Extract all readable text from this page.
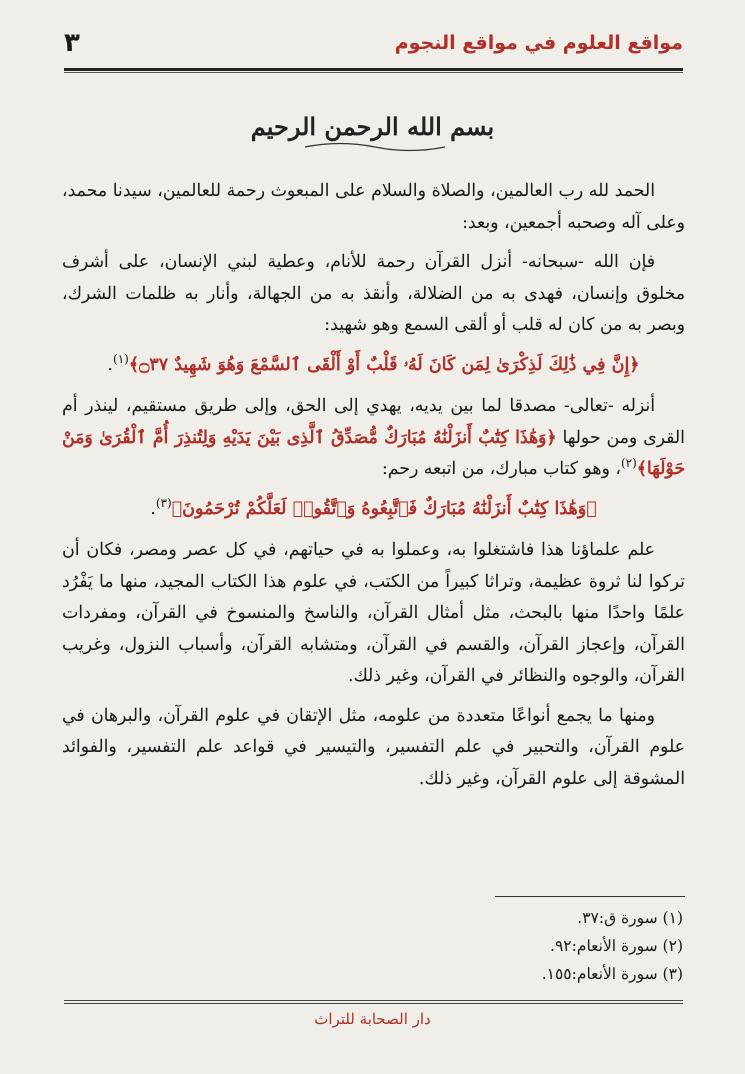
مواقع العلوم في مواقع النجوم
٣
بسم الله الرحمن الرحيم

الحمد لله رب العالمين، والصلاة والسلام على المبعوث رحمة للعالمين، سيدنا محمد، وعلى آله وصحبه أجمعين، وبعد:

فإن الله -سبحانه- أنزل القرآن رحمة للأنام، وعطية لبني الإنسان، على أشرف مخلوق وإنسان، فهدى به من الضلالة، وأنقذ به من الجهالة، وأنار به ظلمات الشرك، وبصر به من كان له قلب أو ألقى السمع وهو شهيد:

﴿إِنَّ فِي ذَٰلِكَ لَذِكْرَىٰ لِمَن كَانَ لَهُۥ قَلْبٌ أَوْ أَلْقَى ٱلسَّمْعَ وَهُوَ شَهِيدٌ ۝٣٧﴾$^{(١)}$.

أنزله -تعالى- مصدقا لما بين يديه، يهدي إلى الحق، وإلى طريق مستقيم، لينذر أم القرى ومن حولها ﴿وَهَٰذَا كِتَٰبٌ أَنزَلْنَٰهُ مُبَارَكٌ مُّصَدِّقُ ٱلَّذِى بَيْنَ يَدَيْهِ وَلِتُنذِرَ أُمَّ ٱلْقُرَىٰ وَمَنْ حَوْلَهَا﴾$^{(٢)}$، وهو كتاب مبارك، من اتبعه رحم:

﴿وَهَٰذَا كِتَٰبٌ أَنزَلْنَٰهُ مُبَارَكٌ فَٱتَّبِعُوهُ وَٱتَّقُوا۟ لَعَلَّكُمْ تُرْحَمُونَ﴾$^{(٣)}$.

علم علماؤنا هذا فاشتغلوا به، وعملوا به في حياتهم، في كل عصر ومصر، فكان أن تركوا لنا ثروة عظيمة، وتراثا كبيراً من الكتب، في علوم هذا الكتاب المجيد، منها ما يَفْرُد علمًا واحدًا منها بالبحث، مثل أمثال القرآن، والناسخ والمنسوخ في القرآن، ومفردات القرآن، وإعجاز القرآن، والقسم في القرآن، ومتشابه القرآن، وأسباب النزول، وغريب القرآن، والوجوه والنظائر في القرآن، وغير ذلك.

ومنها ما يجمع أنواعًا متعددة من علومه، مثل الإتقان في علوم القرآن، والبرهان في علوم القرآن، والتحبير في علم التفسير، والتيسير في قواعد علم التفسير، والفوائد المشوقة إلى علوم القرآن، وغير ذلك.

(١) سورة ق:٣٧.
(٢) سورة الأنعام:٩٢.
(٣) سورة الأنعام:١٥٥.
دار الصحابة للتراث
